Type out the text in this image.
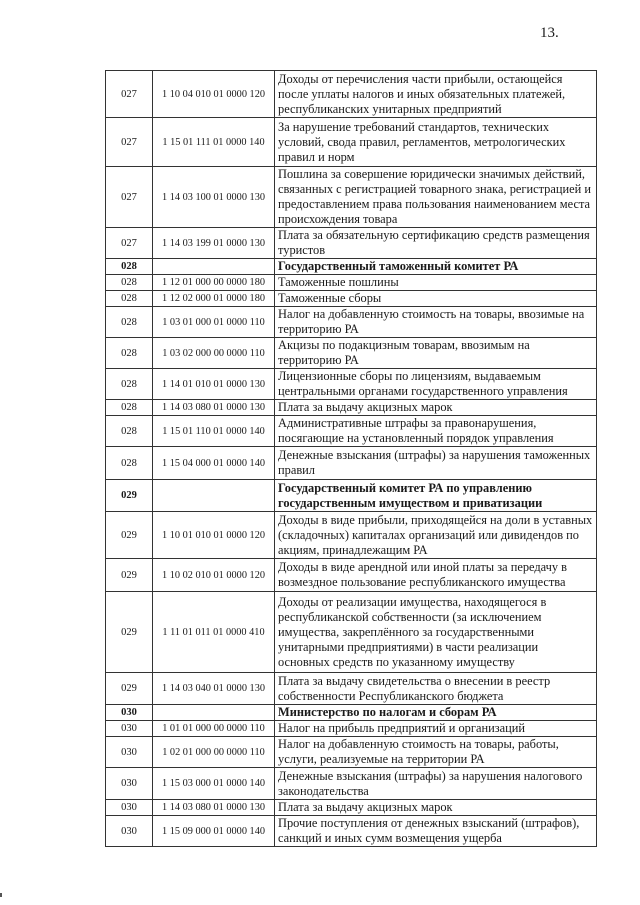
13.
027	1 10 04 010 01 0000 120	Доходы от перечисления части прибыли, остающейся после уплаты налогов и иных обязательных платежей, республиканских унитарных предприятий
027	1 15 01 111 01 0000 140	За нарушение требований стандартов, технических условий, свода правил, регламентов, метрологических правил и норм
027	1 14 03 100 01 0000 130	Пошлина за совершение юридически значимых действий, связанных с регистрацией товарного знака, регистрацией и предоставлением права пользования наименованием места происхождения товара
027	1 14 03 199 01 0000 130	Плата за обязательную сертификацию средств размещения туристов
028		Государственный таможенный комитет РА
028	1 12 01 000 00 0000 180	Таможенные пошлины
028	1 12 02 000 01 0000 180	Таможенные сборы
028	1 03 01 000 01 0000 110	Налог на добавленную стоимость на товары, ввозимые на территорию РА
028	1 03 02 000 00 0000 110	Акцизы по подакцизным товарам, ввозимым на территорию РА
028	1 14 01 010 01 0000 130	Лицензионные сборы по лицензиям, выдаваемым центральными органами государственного управления
028	1 14 03 080 01 0000 130	Плата за выдачу акцизных марок
028	1 15 01 110 01 0000 140	Административные штрафы за правонарушения, посягающие на установленный порядок управления
028	1 15 04 000 01 0000 140	Денежные взыскания (штрафы) за нарушения таможенных правил
029		Государственный комитет РА по управлению государственным имуществом и приватизации
029	1 10 01 010 01 0000 120	Доходы в виде прибыли, приходящейся на доли в уставных (складочных) капиталах организаций или дивидендов по акциям, принадлежащим РА
029	1 10 02 010 01 0000 120	Доходы в виде арендной или иной платы за передачу в возмездное пользование республиканского имущества
029	1 11 01 011 01 0000 410	Доходы от реализации имущества, находящегося в республиканской собственности (за исключением имущества, закреплённого за государственными унитарными предприятиями) в части реализации основных средств по указанному имуществу
029	1 14 03 040 01 0000 130	Плата за выдачу свидетельства о внесении в реестр собственности Республиканского бюджета
030		Министерство по налогам и сборам РА
030	1 01 01 000 00 0000 110	Налог на прибыль предприятий и организаций
030	1 02 01 000 00 0000 110	Налог на добавленную стоимость на товары, работы, услуги, реализуемые на территории РА
030	1 15 03 000 01 0000 140	Денежные взыскания (штрафы) за нарушения налогового законодательства
030	1 14 03 080 01 0000 130	Плата за выдачу акцизных марок
030	1 15 09 000 01 0000 140	Прочие поступления от денежных взысканий (штрафов), санкций и иных сумм возмещения ущерба
